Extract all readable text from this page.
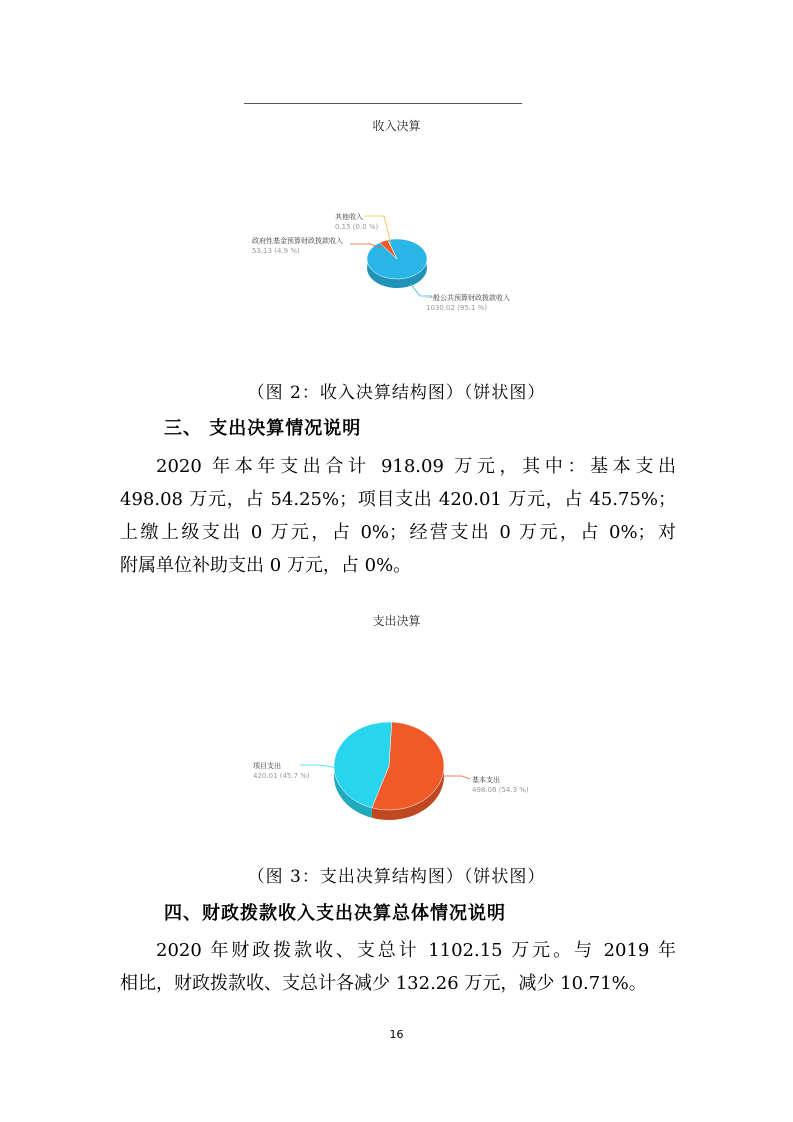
收入决算
其他收入
0.15 (0.0 %)
政府性基金预算财政拨款收入
53.13 (4.9 %)
一般公共预算财政拨款收入
1030.02 (95.1 %)
（图 2：收入决算结构图）（饼状图）
三、 支出决算情况说明
2020 年本年支出合计 918.09 万元，其中：基本支出
498.08 万元，占 54.25%；项目支出 420.01 万元，占 45.75%；
上缴上级支出 0 万元，占 0%；经营支出 0 万元，占 0%；对
附属单位补助支出 0 万元，占 0%。
支出决算
项目支出
420.01 (45.7 %)	基本支出
498.08 (54.3 %)
（图 3：支出决算结构图）（饼状图）
四、财政拨款收入支出决算总体情况说明
2020 年财政拨款收、支总计 1102.15 万元。与 2019 年
相比，财政拨款收、支总计各减少 132.26 万元，减少 10.71%。
16
